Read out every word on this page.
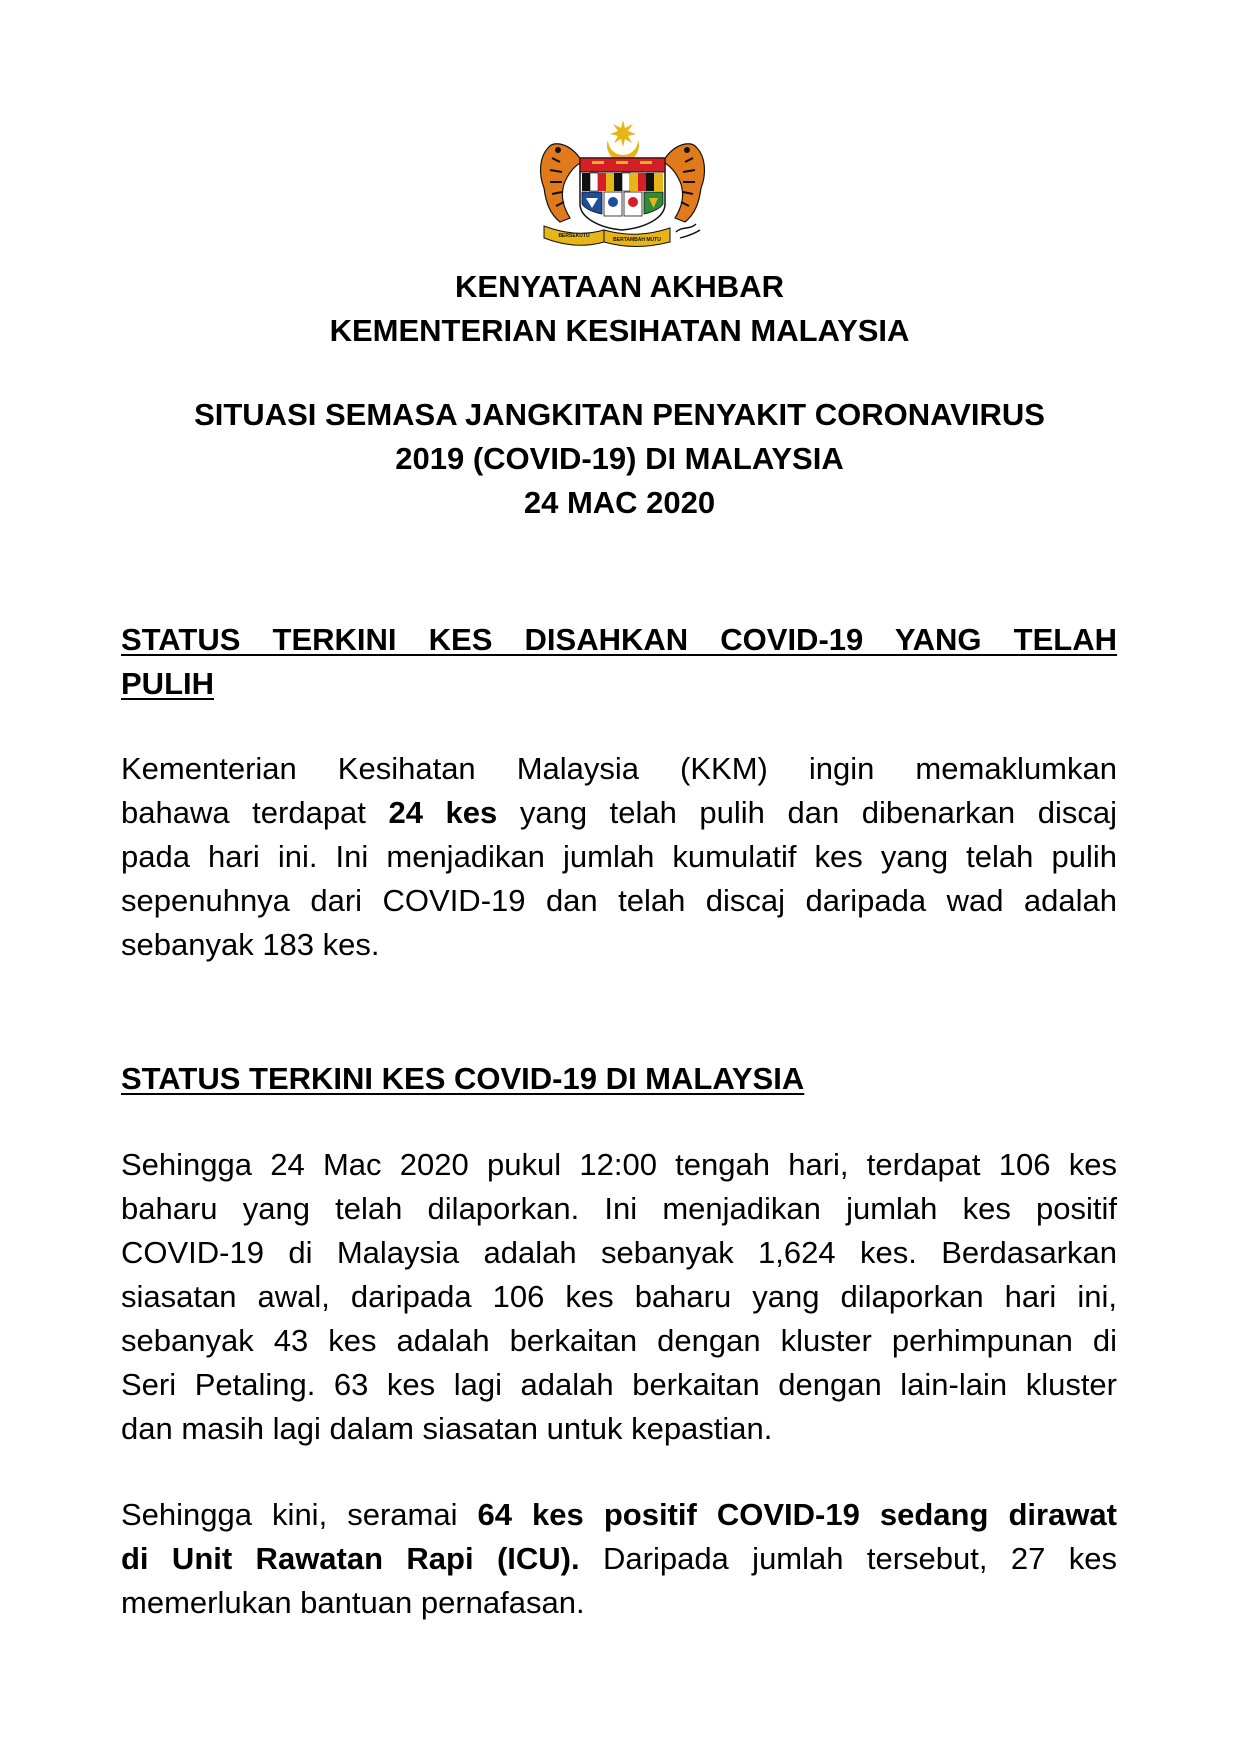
BERSEKUTU
BERTAMBAH MUTU
KENYATAAN AKHBAR
KEMENTERIAN KESIHATAN MALAYSIA
SITUASI SEMASA JANGKITAN PENYAKIT CORONAVIRUS
2019 (COVID-19) DI MALAYSIA
24 MAC 2020
STATUS TERKINI KES DISAHKAN COVID-19 YANG TELAH
PULIH
Kementerian Kesihatan Malaysia (KKM) ingin memaklumkan
bahawa terdapat 24 kes yang telah pulih dan dibenarkan discaj
pada hari ini. Ini menjadikan jumlah kumulatif kes yang telah pulih
sepenuhnya dari COVID-19 dan telah discaj daripada wad adalah
sebanyak 183 kes.
STATUS TERKINI KES COVID-19 DI MALAYSIA
Sehingga 24 Mac 2020 pukul 12:00 tengah hari, terdapat 106 kes
baharu yang telah dilaporkan. Ini menjadikan jumlah kes positif
COVID-19 di Malaysia adalah sebanyak 1,624 kes. Berdasarkan
siasatan awal, daripada 106 kes baharu yang dilaporkan hari ini,
sebanyak 43 kes adalah berkaitan dengan kluster perhimpunan di
Seri Petaling. 63 kes lagi adalah berkaitan dengan lain-lain kluster
dan masih lagi dalam siasatan untuk kepastian.
Sehingga kini, seramai 64 kes positif COVID-19 sedang dirawat
di Unit Rawatan Rapi (ICU). Daripada jumlah tersebut, 27 kes
memerlukan bantuan pernafasan.
